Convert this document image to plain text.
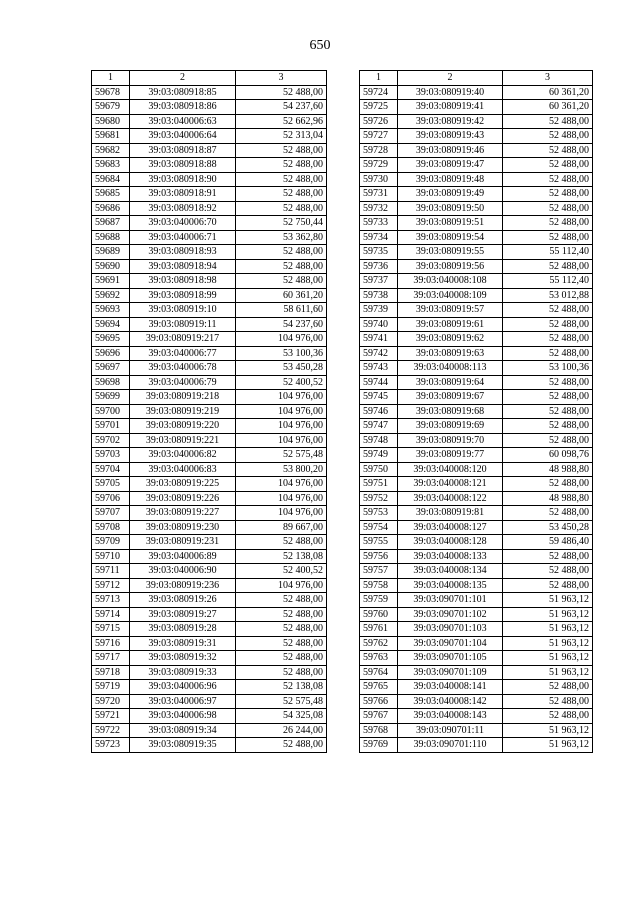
650
1	2	3
59678	39:03:080918:85	52 488,00
59679	39:03:080918:86	54 237,60
59680	39:03:040006:63	52 662,96
59681	39:03:040006:64	52 313,04
59682	39:03:080918:87	52 488,00
59683	39:03:080918:88	52 488,00
59684	39:03:080918:90	52 488,00
59685	39:03:080918:91	52 488,00
59686	39:03:080918:92	52 488,00
59687	39:03:040006:70	52 750,44
59688	39:03:040006:71	53 362,80
59689	39:03:080918:93	52 488,00
59690	39:03:080918:94	52 488,00
59691	39:03:080918:98	52 488,00
59692	39:03:080918:99	60 361,20
59693	39:03:080919:10	58 611,60
59694	39:03:080919:11	54 237,60
59695	39:03:080919:217	104 976,00
59696	39:03:040006:77	53 100,36
59697	39:03:040006:78	53 450,28
59698	39:03:040006:79	52 400,52
59699	39:03:080919:218	104 976,00
59700	39:03:080919:219	104 976,00
59701	39:03:080919:220	104 976,00
59702	39:03:080919:221	104 976,00
59703	39:03:040006:82	52 575,48
59704	39:03:040006:83	53 800,20
59705	39:03:080919:225	104 976,00
59706	39:03:080919:226	104 976,00
59707	39:03:080919:227	104 976,00
59708	39:03:080919:230	89 667,00
59709	39:03:080919:231	52 488,00
59710	39:03:040006:89	52 138,08
59711	39:03:040006:90	52 400,52
59712	39:03:080919:236	104 976,00
59713	39:03:080919:26	52 488,00
59714	39:03:080919:27	52 488,00
59715	39:03:080919:28	52 488,00
59716	39:03:080919:31	52 488,00
59717	39:03:080919:32	52 488,00
59718	39:03:080919:33	52 488,00
59719	39:03:040006:96	52 138,08
59720	39:03:040006:97	52 575,48
59721	39:03:040006:98	54 325,08
59722	39:03:080919:34	26 244,00
59723	39:03:080919:35	52 488,00
1	2	3
59724	39:03:080919:40	60 361,20
59725	39:03:080919:41	60 361,20
59726	39:03:080919:42	52 488,00
59727	39:03:080919:43	52 488,00
59728	39:03:080919:46	52 488,00
59729	39:03:080919:47	52 488,00
59730	39:03:080919:48	52 488,00
59731	39:03:080919:49	52 488,00
59732	39:03:080919:50	52 488,00
59733	39:03:080919:51	52 488,00
59734	39:03:080919:54	52 488,00
59735	39:03:080919:55	55 112,40
59736	39:03:080919:56	52 488,00
59737	39:03:040008:108	55 112,40
59738	39:03:040008:109	53 012,88
59739	39:03:080919:57	52 488,00
59740	39:03:080919:61	52 488,00
59741	39:03:080919:62	52 488,00
59742	39:03:080919:63	52 488,00
59743	39:03:040008:113	53 100,36
59744	39:03:080919:64	52 488,00
59745	39:03:080919:67	52 488,00
59746	39:03:080919:68	52 488,00
59747	39:03:080919:69	52 488,00
59748	39:03:080919:70	52 488,00
59749	39:03:080919:77	60 098,76
59750	39:03:040008:120	48 988,80
59751	39:03:040008:121	52 488,00
59752	39:03:040008:122	48 988,80
59753	39:03:080919:81	52 488,00
59754	39:03:040008:127	53 450,28
59755	39:03:040008:128	59 486,40
59756	39:03:040008:133	52 488,00
59757	39:03:040008:134	52 488,00
59758	39:03:040008:135	52 488,00
59759	39:03:090701:101	51 963,12
59760	39:03:090701:102	51 963,12
59761	39:03:090701:103	51 963,12
59762	39:03:090701:104	51 963,12
59763	39:03:090701:105	51 963,12
59764	39:03:090701:109	51 963,12
59765	39:03:040008:141	52 488,00
59766	39:03:040008:142	52 488,00
59767	39:03:040008:143	52 488,00
59768	39:03:090701:11	51 963,12
59769	39:03:090701:110	51 963,12
